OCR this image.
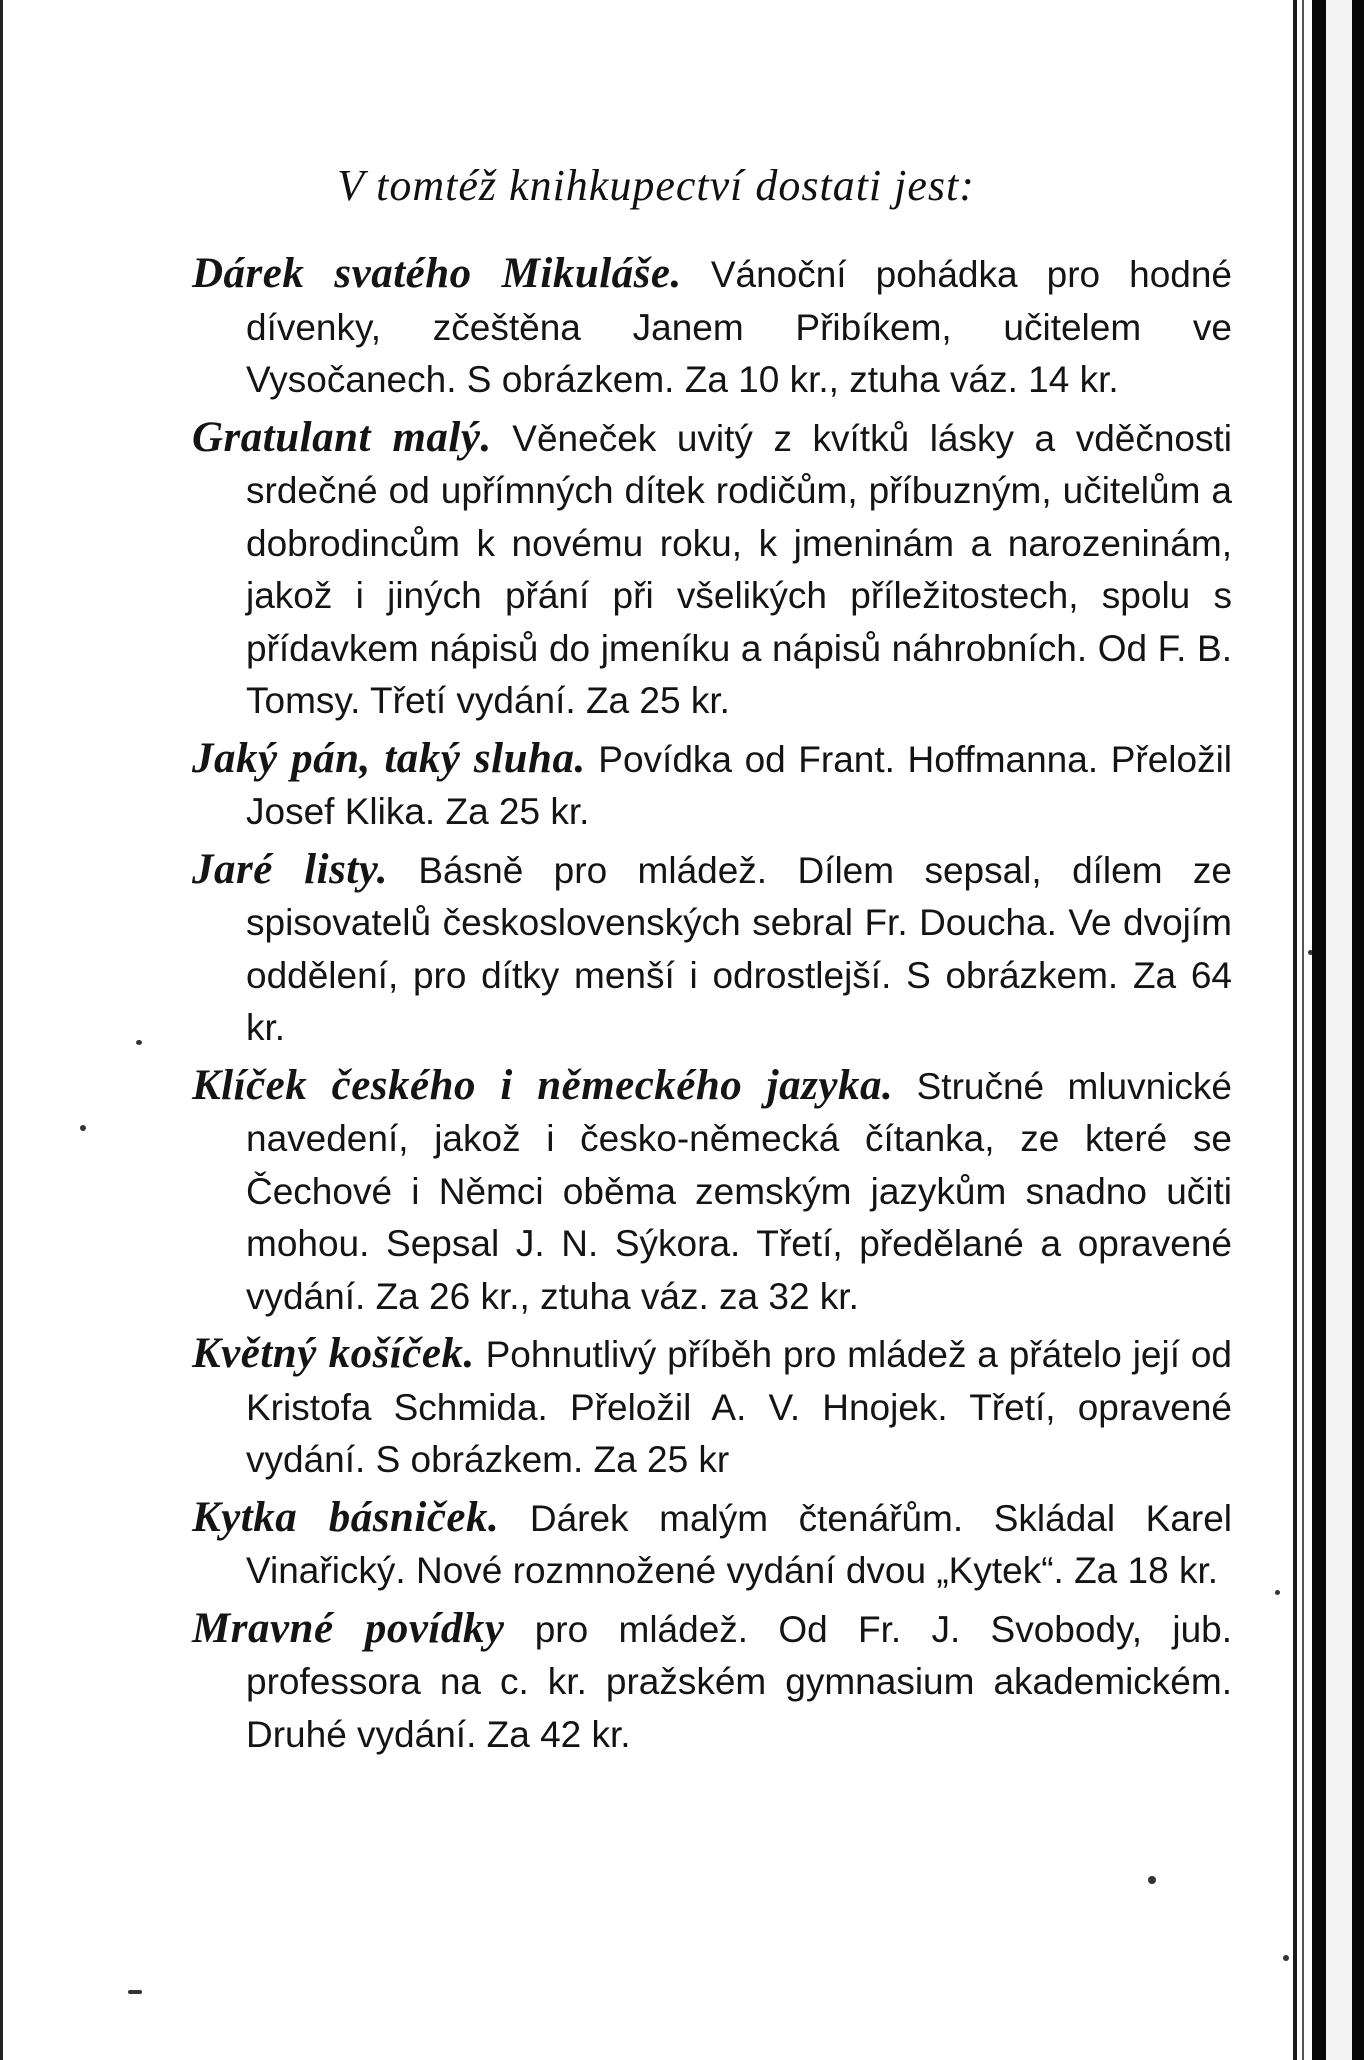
V tomtéž knihkupectví dostati jest:

Dárek svatého Mikuláše. Vánoční pohádka pro hodné dívenky, zčeštěna Janem Přibíkem, učitelem ve Vysočanech. S obrázkem. Za 10 kr., ztuha váz. 14 kr.

Gratulant malý. Věneček uvitý z kvítků lásky a vděčnosti srdečné od upřímných dítek rodičům, příbuzným, učitelům a dobrodincům k novému roku, k jmeninám a narozeninám, jakož i jiných přání při všelikých příležitostech, spolu s přídavkem nápisů do jmeníku a nápisů náhrobních. Od F. B. Tomsy. Třetí vydání. Za 25 kr.

Jaký pán, taký sluha. Povídka od Frant. Hoffmanna. Přeložil Josef Klika. Za 25 kr.

Jaré listy. Básně pro mládež. Dílem sepsal, dílem ze spisovatelů československých sebral Fr. Doucha. Ve dvojím oddělení, pro dítky menší i odrostlejší. S obrázkem. Za 64 kr.

Klíček českého i německého jazyka. Stručné mluvnické navedení, jakož i česko-německá čítanka, ze které se Čechové i Němci oběma zemským jazykům snadno učiti mohou. Sepsal J. N. Sýkora. Třetí, předělané a opravené vydání. Za 26 kr., ztuha váz. za 32 kr.

Květný košíček. Pohnutlivý příběh pro mládež a přátelo její od Kristofa Schmida. Přeložil A. V. Hnojek. Třetí, opravené vydání. S obrázkem. Za 25 kr

Kytka básniček. Dárek malým čtenářům. Skládal Karel Vinařický. Nové rozmnožené vydání dvou „Kytek“. Za 18 kr.

Mravné povídky pro mládež. Od Fr. J. Svobody, jub. professora na c. kr. pražském gymnasium akademickém. Druhé vydání. Za 42 kr.
